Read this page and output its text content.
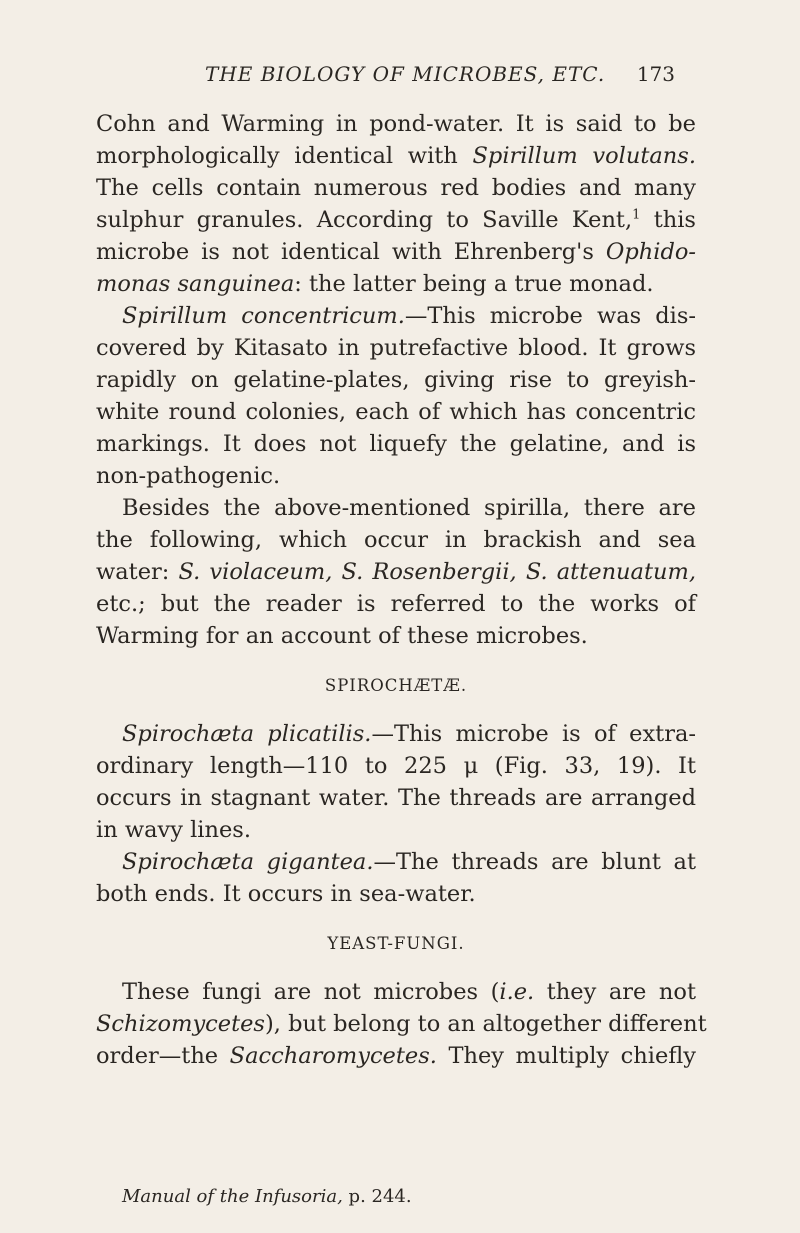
THE BIOLOGY OF MICROBES, ETC. 173
Cohn and Warming in pond-water. It is said to be
morphologically identical with Spirillum volutans.
The cells contain numerous red bodies and many
sulphur granules. According to Saville Kent,$^1$ this
microbe is not identical with Ehrenberg's Ophido-
monas sanguinea: the latter being a true monad.
Spirillum concentricum.—This microbe was dis-
covered by Kitasato in putrefactive blood. It grows
rapidly on gelatine-plates, giving rise to greyish-
white round colonies, each of which has concentric
markings. It does not liquefy the gelatine, and is
non-pathogenic.
Besides the above-mentioned spirilla, there are
the following, which occur in brackish and sea
water: S. violaceum, S. Rosenbergii, S. attenuatum,
etc.; but the reader is referred to the works of
Warming for an account of these microbes.
SPIROCHÆTÆ.
Spirochæta plicatilis.—This microbe is of extra-
ordinary length—110 to 225 μ (Fig. 33, 19). It
occurs in stagnant water. The threads are arranged
in wavy lines.
Spirochæta gigantea.—The threads are blunt at
both ends. It occurs in sea-water.
YEAST-FUNGI.
These fungi are not microbes (i.e. they are not
Schizomycetes), but belong to an altogether different
order—the Saccharomycetes. They multiply chiefly
Manual of the Infusoria, p. 244.
